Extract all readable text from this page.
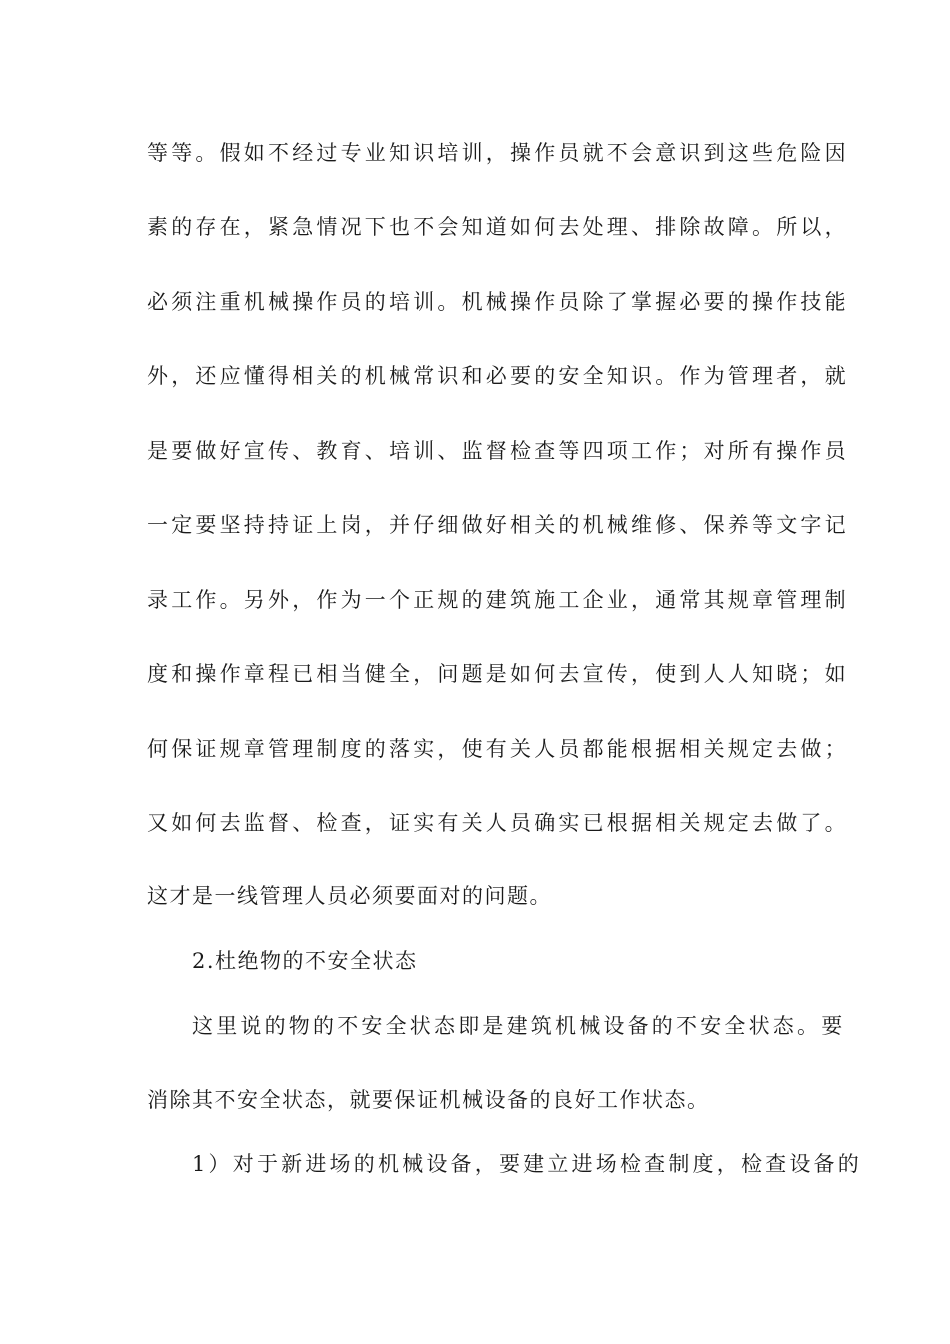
等等。假如不经过专业知识培训，操作员就不会意识到这些危险因
素的存在，紧急情况下也不会知道如何去处理、排除故障。所以，
必须注重机械操作员的培训。机械操作员除了掌握必要的操作技能
外，还应懂得相关的机械常识和必要的安全知识。作为管理者，就
是要做好宣传、教育、培训、监督检查等四项工作；对所有操作员
一定要坚持持证上岗，并仔细做好相关的机械维修、保养等文字记
录工作。另外，作为一个正规的建筑施工企业，通常其规章管理制
度和操作章程已相当健全，问题是如何去宣传，使到人人知晓；如
何保证规章管理制度的落实，使有关人员都能根据相关规定去做；
又如何去监督、检查，证实有关人员确实已根据相关规定去做了。
这才是一线管理人员必须要面对的问题。
2.杜绝物的不安全状态
这里说的物的不安全状态即是建筑机械设备的不安全状态。要
消除其不安全状态，就要保证机械设备的良好工作状态。
1）对于新进场的机械设备，要建立进场检查制度，检查设备的
